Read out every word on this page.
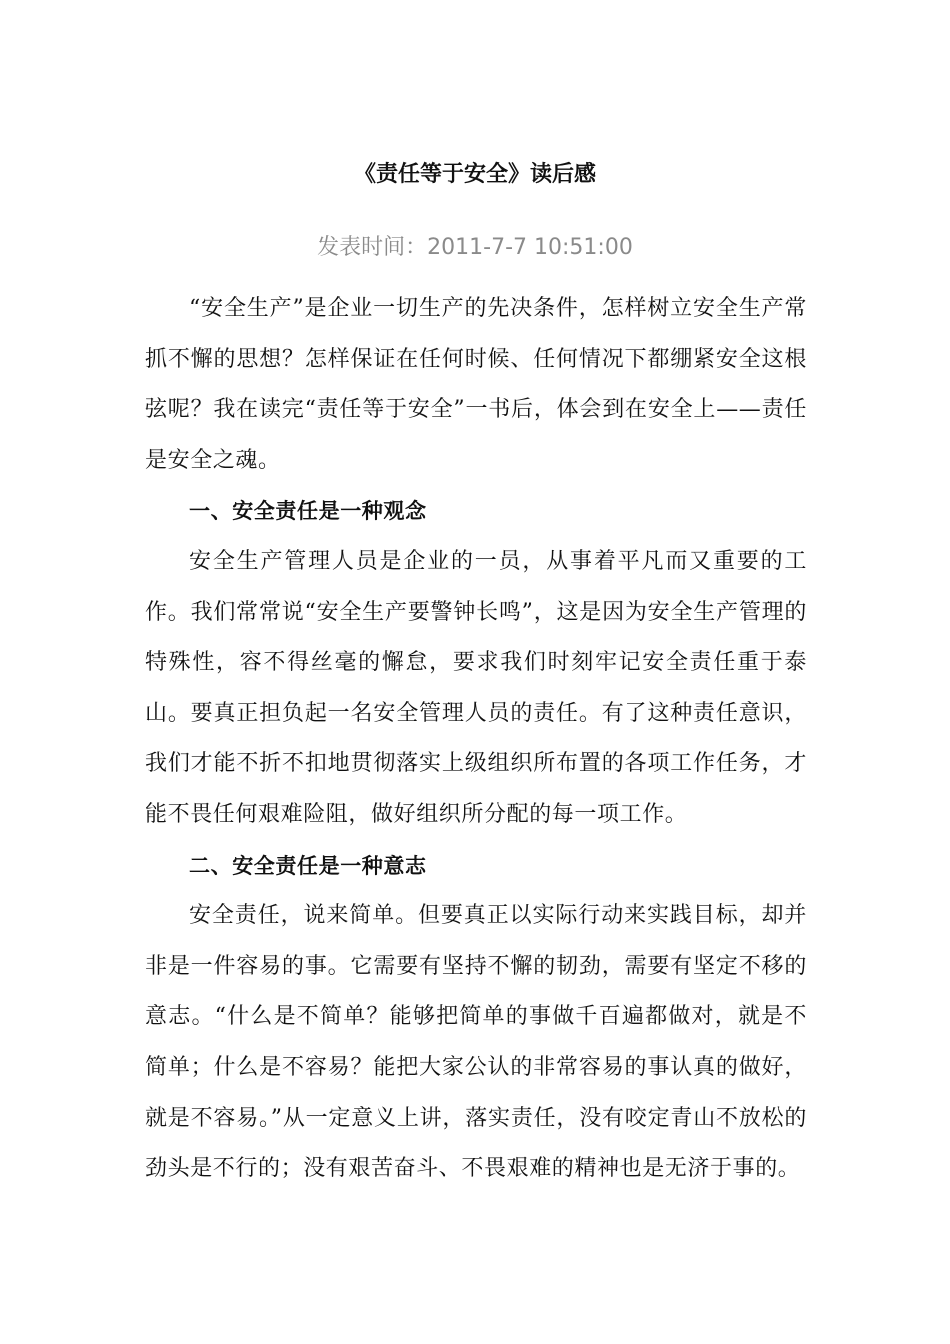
《责任等于安全》读后感
发表时间：2011-7-7 10:51:00

“安全生产”是企业一切生产的先决条件，怎样树立安全生产常抓不懈的思想？怎样保证在任何时候、任何情况下都绷紧安全这根弦呢？我在读完“责任等于安全”一书后，体会到在安全上——责任是安全之魂。

一、安全责任是一种观念

安全生产管理人员是企业的一员，从事着平凡而又重要的工作。我们常常说“安全生产要警钟长鸣”，这是因为安全生产管理的特殊性，容不得丝毫的懈怠，要求我们时刻牢记安全责任重于泰山。要真正担负起一名安全管理人员的责任。有了这种责任意识，我们才能不折不扣地贯彻落实上级组织所布置的各项工作任务，才能不畏任何艰难险阻，做好组织所分配的每一项工作。

二、安全责任是一种意志

安全责任，说来简单。但要真正以实际行动来实践目标，却并非是一件容易的事。它需要有坚持不懈的韧劲，需要有坚定不移的意志。“什么是不简单？能够把简单的事做千百遍都做对，就是不简单；什么是不容易？能把大家公认的非常容易的事认真的做好，就是不容易。”从一定意义上讲，落实责任，没有咬定青山不放松的劲头是不行的；没有艰苦奋斗、不畏艰难的精神也是无济于事的。
